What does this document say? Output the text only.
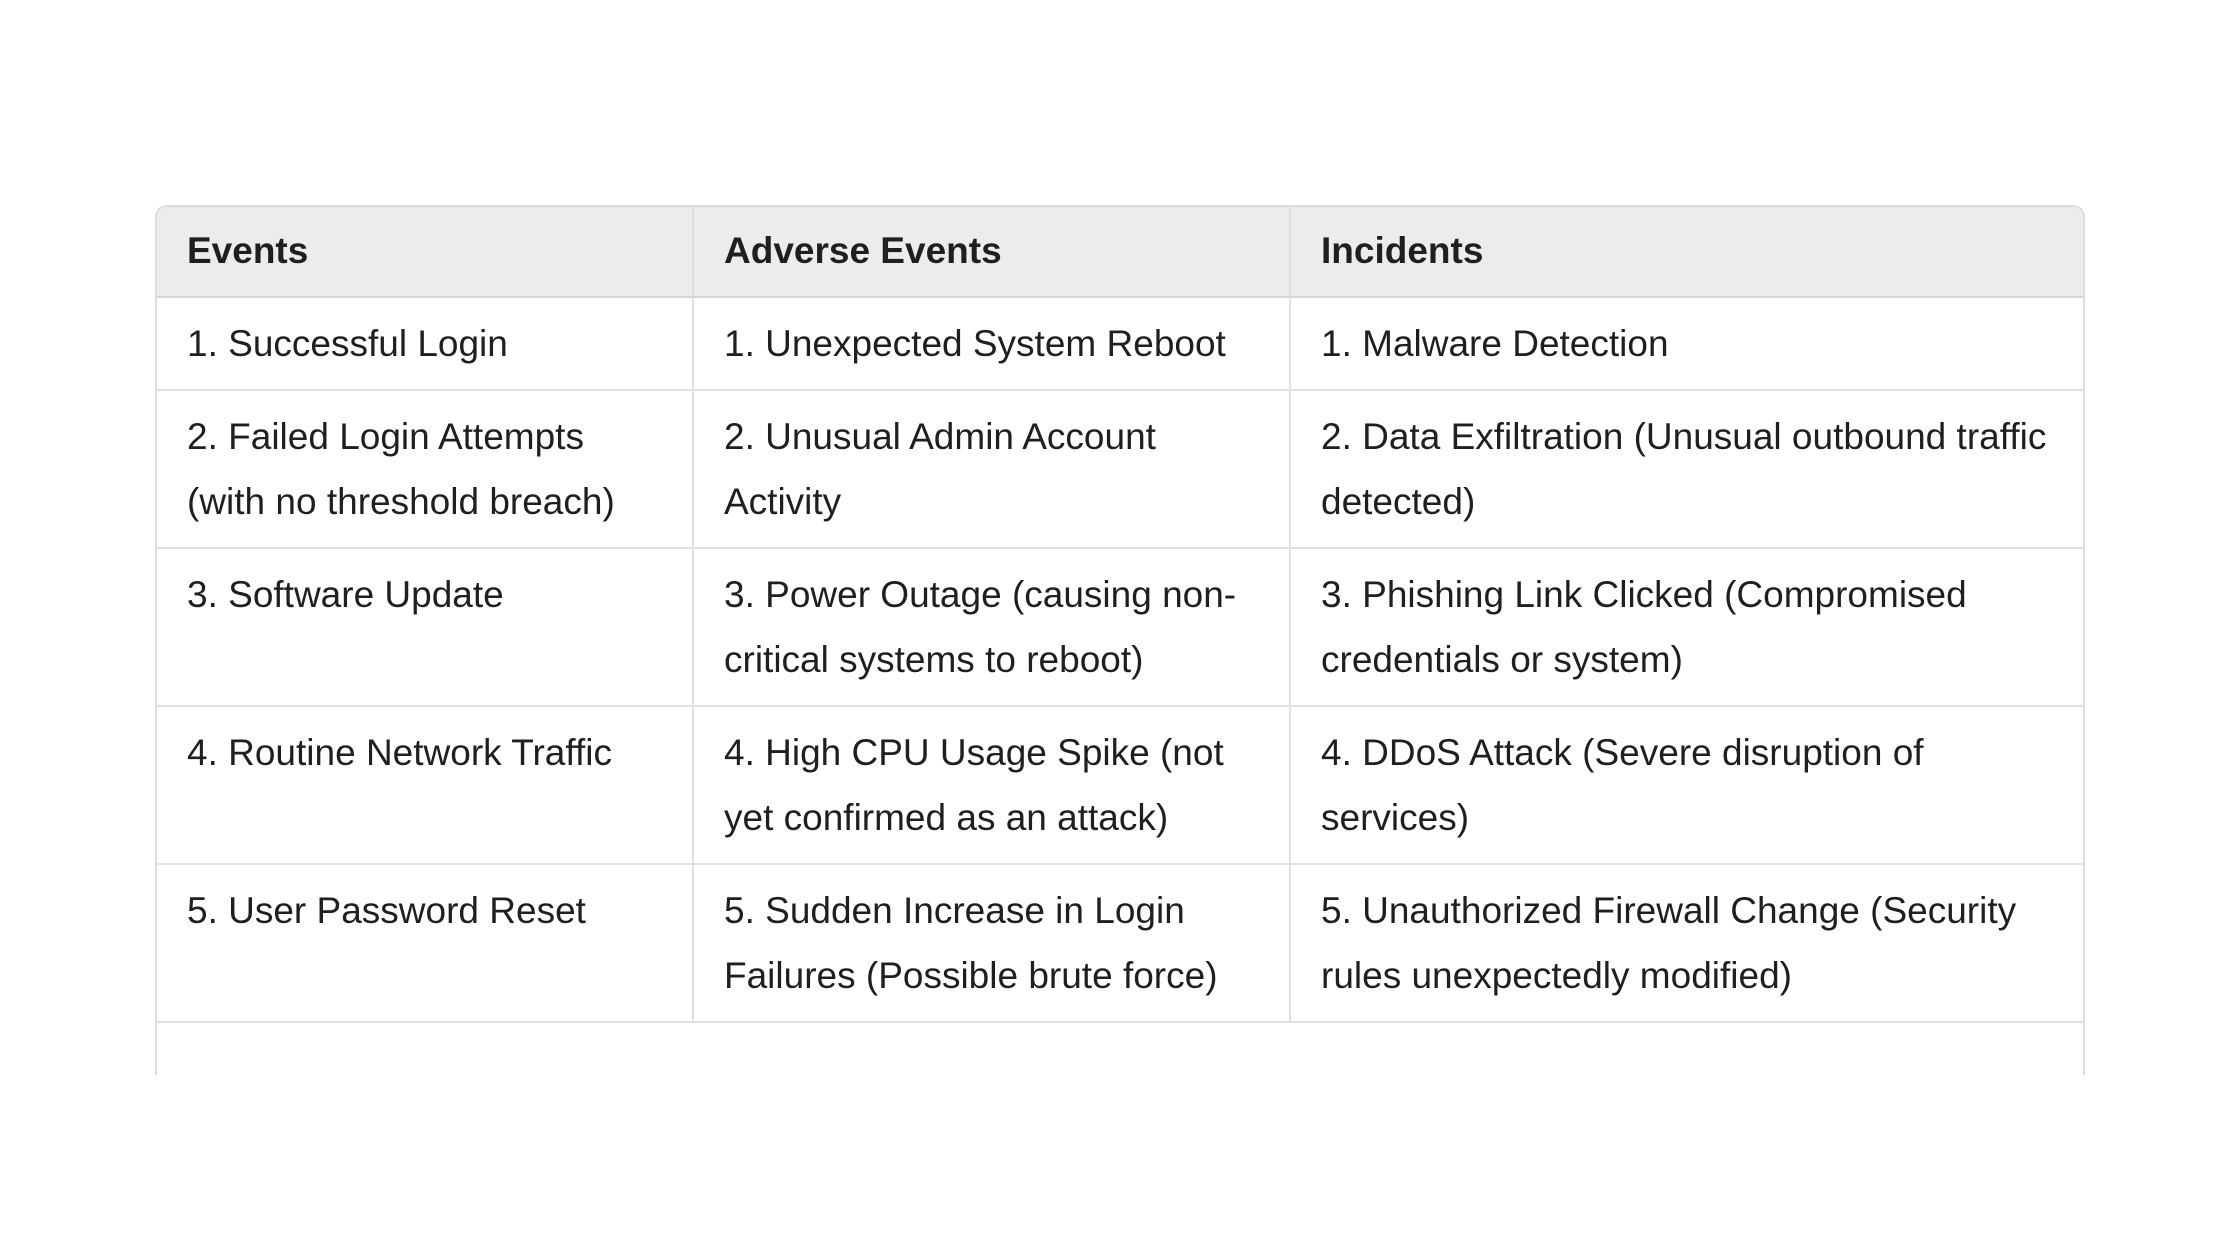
Events	Adverse Events	Incidents
1. Successful Login	1. Unexpected System Reboot	1. Malware Detection
2. Failed Login Attempts (with no threshold breach)	2. Unusual Admin Account Activity	2. Data Exfiltration (Unusual outbound traffic detected)
3. Software Update	3. Power Outage (causing non-critical systems to reboot)	3. Phishing Link Clicked (Compromised credentials or system)
4. Routine Network Traffic	4. High CPU Usage Spike (not yet confirmed as an attack)	4. DDoS Attack (Severe disruption of services)
5. User Password Reset	5. Sudden Increase in Login Failures (Possible brute force)	5. Unauthorized Firewall Change (Security rules unexpectedly modified)
